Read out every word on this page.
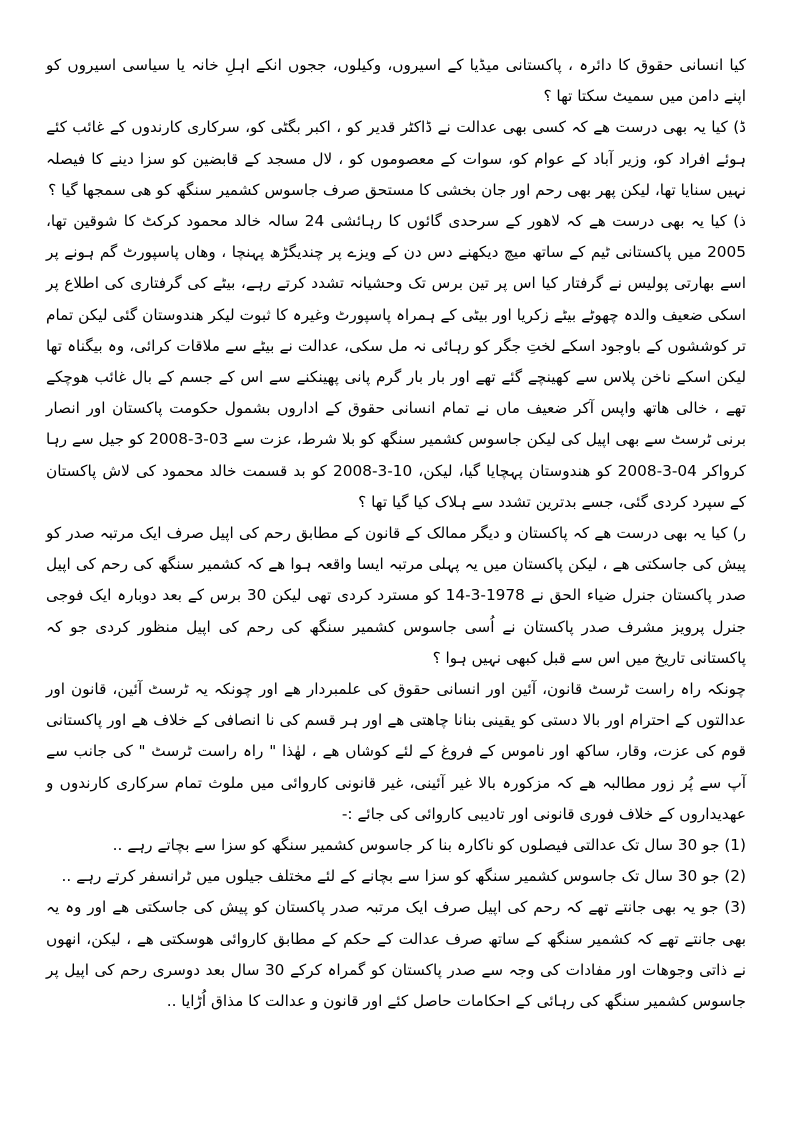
کیا انسانی حقوق کا دائرہ ، پاکستانی میڈیا کے اسیروں، وکیلوں، ججوں انکے اہلِ خانہ یا سیاسی اسیروں کو اپنے دامن میں سمیٹ سکتا تھا ؟

ڈ) کیا یہ بھی درست ھے کہ کسی بھی عدالت نے ڈاکٹر قدیر کو ، اکبر بگٹی کو، سرکاری کارندوں کے غائب کئے ہوئے افراد کو، وزیر آباد کے عوام کو، سوات کے معصوموں کو ، لال مسجد کے قابضین کو سزا دینے کا فیصلہ نہیں سنایا تھا، لیکن پھر بھی رحم اور جان بخشی کا مستحق صرف جاسوس کشمیر سنگھ کو ھی سمجھا گیا ؟

ذ) کیا یہ بھی درست ھے کہ لاھور کے سرحدی گائوں کا رہائشی 24 سالہ خالد محمود کرکٹ کا شوقین تھا، 2005 میں پاکستانی ٹیم کے ساتھ میچ دیکھنے دس دن کے ویزے پر چندیگڑھ پہنچا ، وھاں پاسپورٹ گم ہونے پر اسے بھارتی پولیس نے گرفتار کیا اس پر تین برس تک وحشیانہ تشدد کرتے رہے، بیٹے کی گرفتاری کی اطلاع پر اسکی ضعیف والدہ چھوٹے بیٹے زکریا اور بیٹی کے ہمراہ پاسپورٹ وغیرہ کا ثبوت لیکر ھندوستان گئی لیکن تمام تر کوششوں کے باوجود اسکے لختِ جگر کو رہائی نہ مل سکی، عدالت نے بیٹے سے ملاقات کرائی، وہ بیگناہ تھا لیکن اسکے ناخن پلاس سے کھینچے گئے تھے اور بار بار گرم پانی پھینکنے سے اس کے جسم کے بال غائب ھوچکے تھے ، خالی ھاتھ واپس آکر ضعیف ماں نے تمام انسانی حقوق کے اداروں بشمول حکومت پاکستان اور انصار برنی ٹرسٹ سے بھی اپیل کی لیکن جاسوس کشمیر سنگھ کو بلا شرط، عزت سے 03-3-2008 کو جیل سے رہا کرواکر 04-3-2008 کو ھندوستان پہچایا گیا، لیکن، 10-3-2008 کو بد قسمت خالد محمود کی لاش پاکستان کے سپرد کردی گئی، جسے بدترین تشدد سے ہلاک کیا گیا تھا ؟

ر) کیا یہ بھی درست ھے کہ پاکستان و دیگر ممالک کے قانون کے مطابق رحم کی اپیل صرف ایک مرتبہ صدر کو پیش کی جاسکتی ھے ، لیکن پاکستان میں یہ پہلی مرتبہ ایسا واقعہ ہوا ھے کہ کشمیر سنگھ کی رحم کی اپیل صدر پاکستان جنرل ضیاء الحق نے 1978-3-14 کو مسترد کردی تھی لیکن 30 برس کے بعد دوبارہ ایک فوجی جنرل پرویز مشرف صدر پاکستان نے اُسی جاسوس کشمیر سنگھ کی رحم کی اپیل منظور کردی جو کہ پاکستانی تاریخ میں اس سے قبل کبھی نہیں ہوا ؟

چونکہ راہ راست ٹرسٹ قانون، آئین اور انسانی حقوق کی علمبردار ھے اور چونکہ یہ ٹرسٹ آئین، قانون اور عدالتوں کے احترام اور بالا دستی کو یقینی بنانا چاھتی ھے اور ہر قسم کی نا انصافی کے خلاف ھے اور پاکستانی قوم کی عزت، وقار، ساکھ اور ناموس کے فروغ کے لئے کوشاں ھے ، لھٰذا " راہ راست ٹرسٹ " کی جانب سے آپ سے پُر زور مطالبہ ھے کہ مزکورہ بالا غیر آئینی، غیر قانونی کاروائی میں ملوث تمام سرکاری کارندوں و عھدیداروں کے خلاف فوری قانونی اور تادیبی کاروائی کی جائے :-

(1) جو 30 سال تک عدالتی فیصلوں کو ناکارہ بنا کر جاسوس کشمیر سنگھ کو سزا سے بچاتے رہے ..

(2) جو 30 سال تک جاسوس کشمیر سنگھ کو سزا سے بچانے کے لئے مختلف جیلوں میں ٹرانسفر کرتے رہے ..

(3) جو یہ بھی جانتے تھے کہ رحم کی اپیل صرف ایک مرتبہ صدر پاکستان کو پیش کی جاسکتی ھے اور وہ یہ بھی جانتے تھے کہ کشمیر سنگھ کے ساتھ صرف عدالت کے حکم کے مطابق کاروائی ھوسکتی ھے ، لیکن، انھوں نے ذاتی وجوھات اور مفادات کی وجہ سے صدر پاکستان کو گمراہ کرکے 30 سال بعد دوسری رحم کی اپیل پر جاسوس کشمیر سنگھ کی رہائی کے احکامات حاصل کئے اور قانون و عدالت کا مذاق اُڑایا ..
